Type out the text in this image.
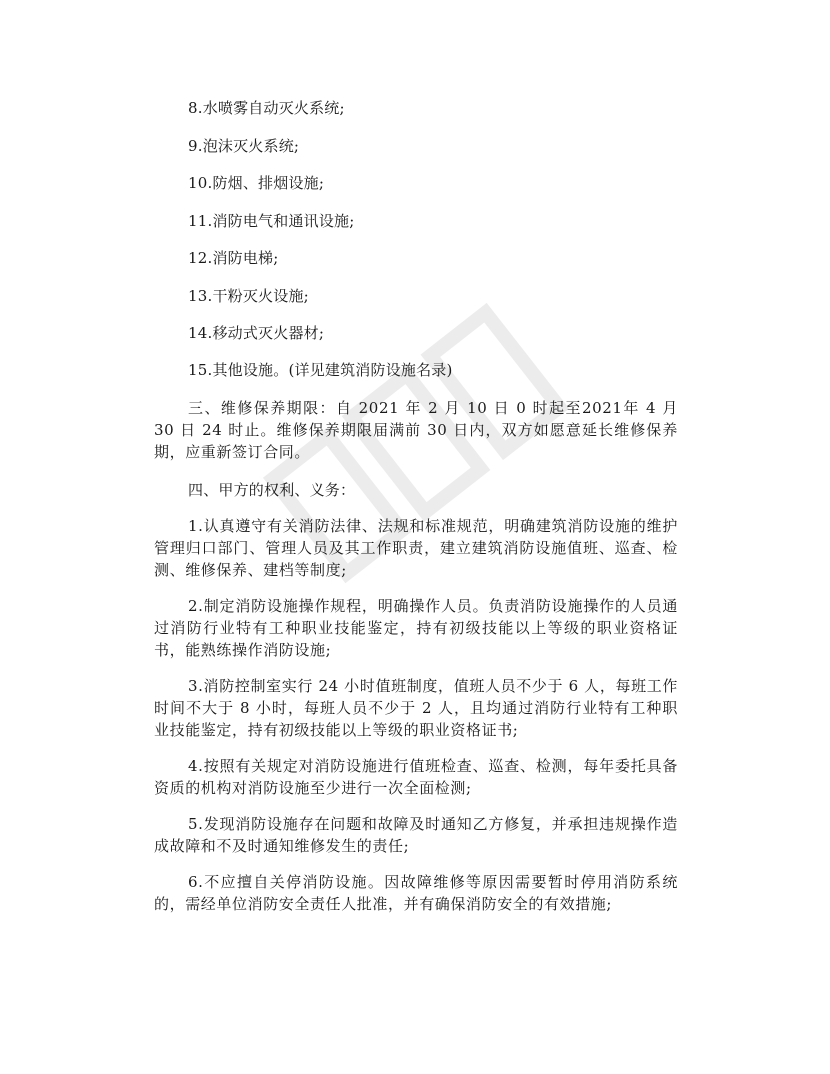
8.水喷雾自动灭火系统;
9.泡沫灭火系统;
10.防烟、排烟设施;
11.消防电气和通讯设施;
12.消防电梯;
13.干粉灭火设施;
14.移动式灭火器材;
15.其他设施。(详见建筑消防设施名录)
三、维修保养期限：自 2021 年 2 月 10 日 0 时起至2021年 4 月 30 日 24 时止。维修保养期限届满前 30 日内，双方如愿意延长维修保养期，应重新签订合同。
四、甲方的权利、义务：
1.认真遵守有关消防法律、法规和标准规范，明确建筑消防设施的维护管理归口部门、管理人员及其工作职责，建立建筑消防设施值班、巡查、检测、维修保养、建档等制度;
2.制定消防设施操作规程，明确操作人员。负责消防设施操作的人员通过消防行业特有工种职业技能鉴定，持有初级技能以上等级的职业资格证书，能熟练操作消防设施;
3.消防控制室实行 24 小时值班制度，值班人员不少于 6 人，每班工作时间不大于 8 小时，每班人员不少于 2 人，且均通过消防行业特有工种职业技能鉴定，持有初级技能以上等级的职业资格证书;
4.按照有关规定对消防设施进行值班检查、巡查、检测，每年委托具备资质的机构对消防设施至少进行一次全面检测;
5.发现消防设施存在问题和故障及时通知乙方修复，并承担违规操作造成故障和不及时通知维修发生的责任;
6.不应擅自关停消防设施。因故障维修等原因需要暂时停用消防系统的，需经单位消防安全责任人批准，并有确保消防安全的有效措施;
